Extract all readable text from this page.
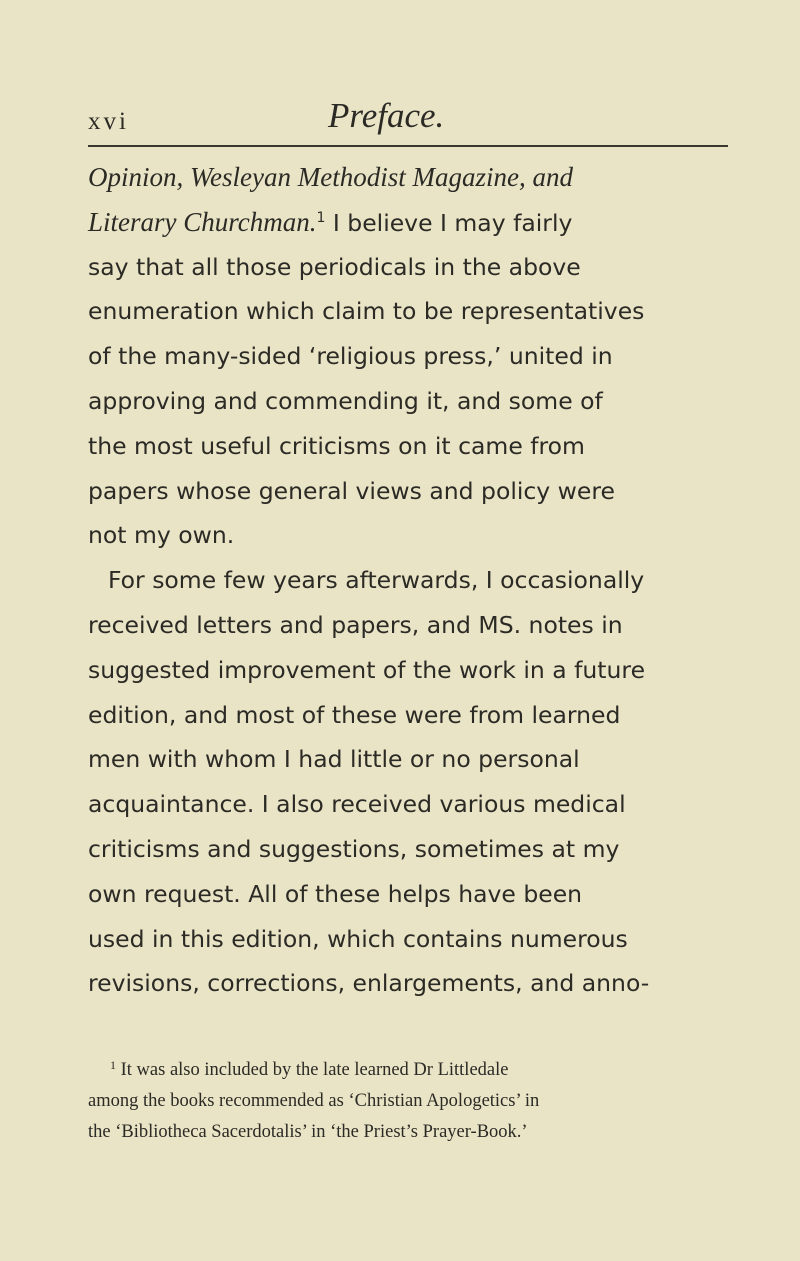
xvi	Preface.
Opinion, Wesleyan Methodist Magazine, and
Literary Churchman.$^1$ I believe I may fairly
say that all those periodicals in the above
enumeration which claim to be representatives
of the many-sided ‘religious press,’ united in
approving and commending it, and some of
the most useful criticisms on it came from
papers whose general views and policy were
not my own.
For some few years afterwards, I occasionally
received letters and papers, and MS. notes in
suggested improvement of the work in a future
edition, and most of these were from learned
men with whom I had little or no personal
acquaintance. I also received various medical
criticisms and suggestions, sometimes at my
own request. All of these helps have been
used in this edition, which contains numerous
revisions, corrections, enlargements, and anno-
$^1$ It was also included by the late learned Dr Littledale
among the books recommended as ‘Christian Apologetics’ in
the ‘Bibliotheca Sacerdotalis’ in ‘the Priest’s Prayer-Book.’
